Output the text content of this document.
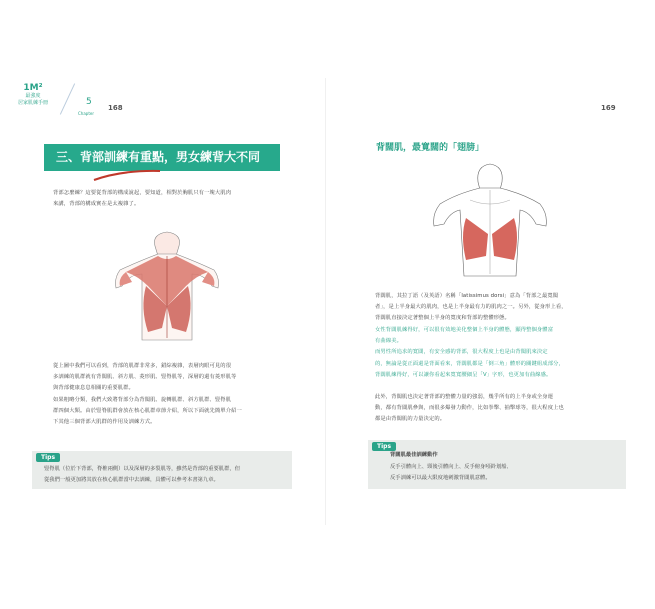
1M²
最強度
居家肌練手冊	5
Chapter
168	169
三、背部訓練有重點，男女練背大不同
背部怎麼練？這要從背部的構成說起，要知道，相對於胸肌只有一塊大肌肉
來講，背部的構成實在是太複雜了。
從上圖中我們可以看到，背部的肌群非常多，錯綜複雜，表層肉眼可見的很
多訓練的肌群就有背闊肌、斜方肌、菱形肌、豎脊肌等，深層的還有菱形肌等
與背部健康息息相關的重要肌群。
如果粗略分類，我們大致將背部分為背闊肌、旋轉肌群、斜方肌群、豎脊肌
群四個大類。由於豎脊肌群會放在核心肌群章節介紹，所以下面就先簡單介紹一
下其他三個背部大肌群的作用及訓練方式。
Tips
豎脊肌（位於下背部，脊椎兩側）以及深層的多裂肌等，雖然是背部的重要肌群，但
從我們一般更加將其放在核心肌群當中去訓練，具體可以參考本書第九章。
背闊肌，最寬闊的「翅膀」
背闊肌，其拉丁語（及英語）名稱「latissimus dorsi」意為「背部之最寬闊
者」，是上半身最大的肌肉，也是上半身最有力的肌肉之一。另外，從身形上看，
背闊肌直接決定著整個上半身的寬度和背部的整體形態。
女性背闊肌練得好，可以很有效地美化整個上半身的體態，顯得整個身體富
有曲線美。
而男性所追求的寬闊，有安全感的背部，很大程度上也是由背闊肌來決定
的，無論是從正面還是背面看來，背闊肌都是「倒三角」體形的關鍵組成部分，
背闊肌練得好，可以讓你看起來寬寬腰細呈「V」字形，也更加有曲線感。
此外，背闊肌也決定著背部的整體力量的強弱，幾乎所有的上半身或全身運
動，都有背闊肌參與，而很多爆發力動作，比如拳擊、抽擊球等，很大程度上也
都是由背闊肌的力量決定的。
Tips
背闊肌最佳訓練動作
反手引體向上、頸後引體向上、反手俯身啞鈴划船、
反手訓練可以最大限度地刺激背闊肌意體。
